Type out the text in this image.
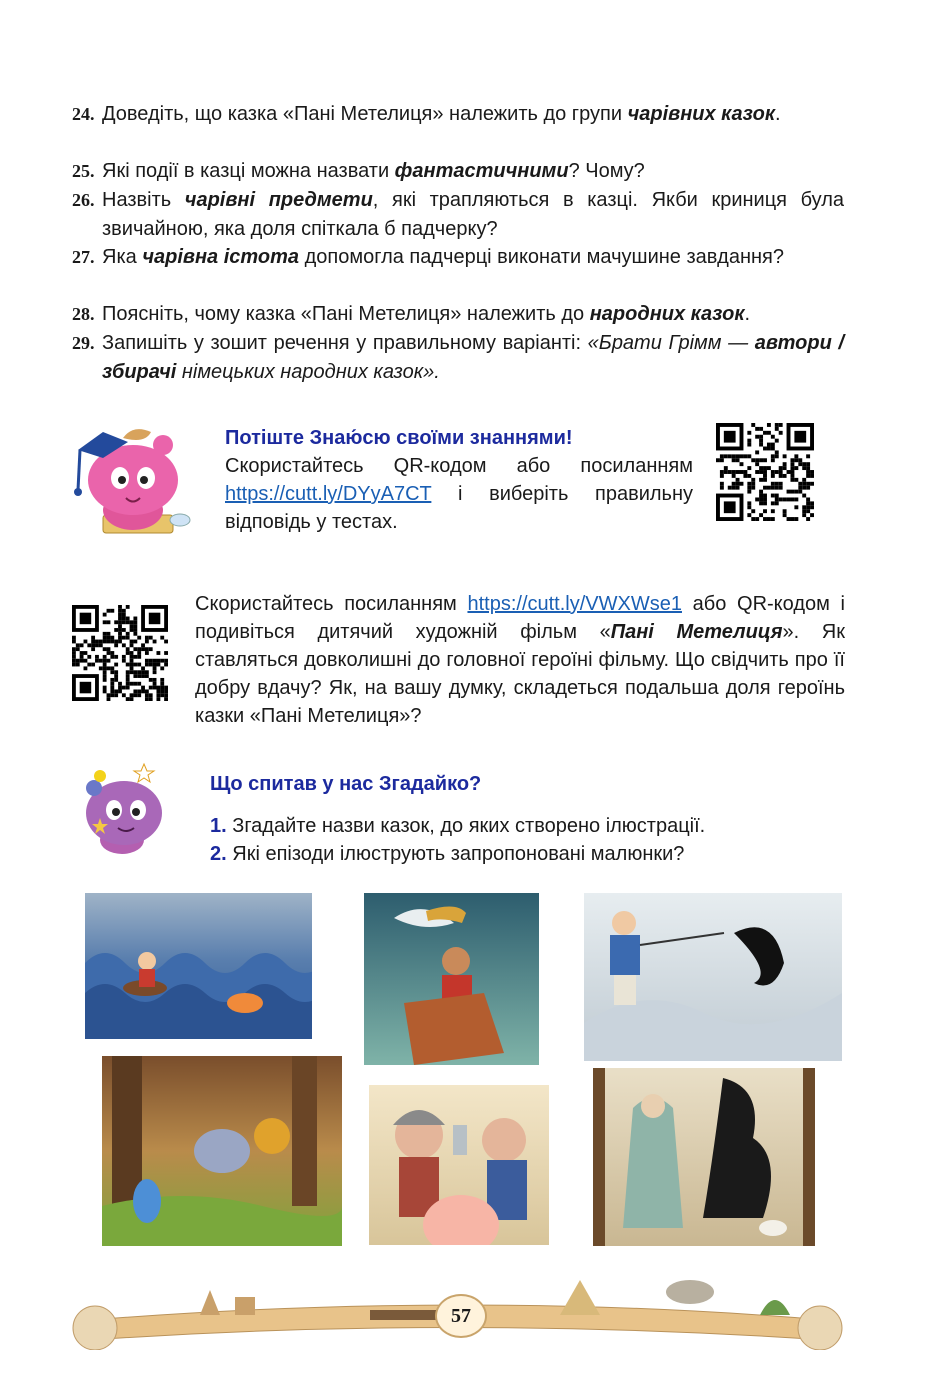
24. Доведіть, що казка «Пані Метелиця» належить до групи чарівних казок.
25. Які події в казці можна назвати фантастичними? Чому?
26. Назвіть чарівні предмети, які трапляються в казці. Якби криниця була звичайною, яка доля спіткала б падчерку?
27. Яка чарівна істота допомогла падчерці виконати мачушине завдання?
28. Поясніть, чому казка «Пані Метелиця» належить до народних казок.
29. Запишіть у зошит речення у правильному варіанті: «Брати Грімм — автори / збирачі німецьких народних казок».
Потіште Знаю́сю своїми знаннями!
Скористайтесь QR-кодом або посиланням https://cutt.ly/DYyA7CT і виберіть правильну відповідь у тестах.
Скористайтесь посиланням https://cutt.ly/VWXWse1 або QR-кодом і подивіться дитячий художній фільм «Пані Метелиця». Як ставляться довколишні до головної героїні фільму. Що свідчить про її добру вдачу? Як, на вашу думку, складеться подальша доля героїнь казки «Пані Метелиця»?
Що спитав у нас Згадайко?
1. Згадайте назви казок, до яких створено ілюстрації.
2. Які епізоди ілюструють запропоновані малюнки?
57
